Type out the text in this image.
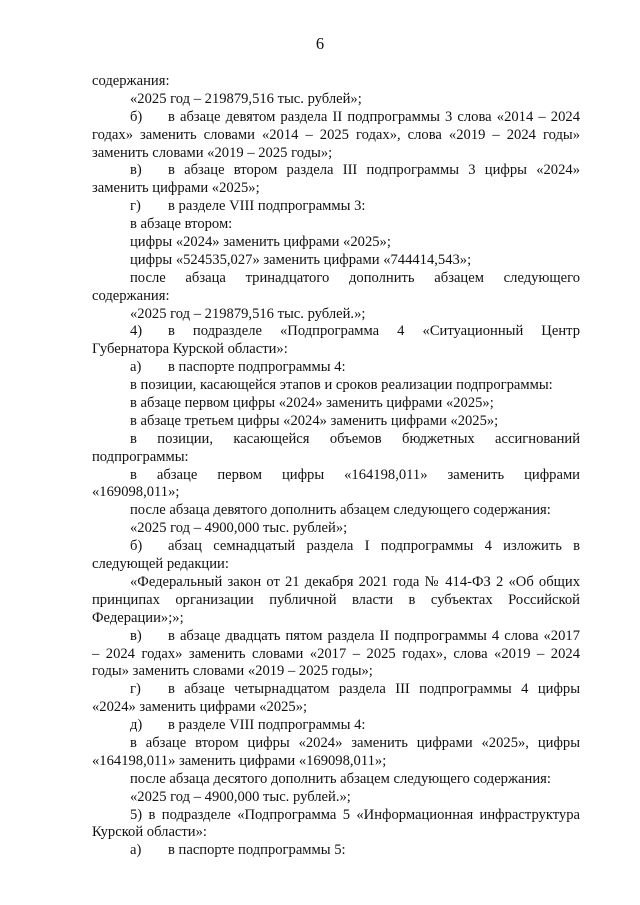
6
содержания:
«2025 год – 219879,516 тыс. рублей»;
б) в абзаце девятом раздела II подпрограммы 3 слова «2014 – 2024
годах» заменить словами «2014 – 2025 годах», слова «2019 – 2024 годы»
заменить словами «2019 – 2025 годы»;
в) в абзаце втором раздела III подпрограммы 3 цифры «2024»
заменить цифрами «2025»;
г) в разделе VIII подпрограммы 3:
в абзаце втором:
цифры «2024» заменить цифрами «2025»;
цифры «524535,027» заменить цифрами «744414,543»;
после абзаца тринадцатого дополнить абзацем следующего
содержания:
«2025 год – 219879,516 тыс. рублей.»;
4) в подразделе «Подпрограмма 4 «Ситуационный Центр
Губернатора Курской области»:
а) в паспорте подпрограммы 4:
в позиции, касающейся этапов и сроков реализации подпрограммы:
в абзаце первом цифры «2024» заменить цифрами «2025»;
в абзаце третьем цифры «2024» заменить цифрами «2025»;
в позиции, касающейся объемов бюджетных ассигнований
подпрограммы:
в абзаце первом цифры «164198,011» заменить цифрами
«169098,011»;
после абзаца девятого дополнить абзацем следующего содержания:
«2025 год – 4900,000 тыс. рублей»;
б) абзац семнадцатый раздела I подпрограммы 4 изложить в
следующей редакции:
«Федеральный закон от 21 декабря 2021 года № 414-ФЗ 2 «Об общих
принципах организации публичной власти в субъектах Российской
Федерации»;»;
в) в абзаце двадцать пятом раздела II подпрограммы 4 слова «2017
– 2024 годах» заменить словами «2017 – 2025 годах», слова «2019 – 2024
годы» заменить словами «2019 – 2025 годы»;
г) в абзаце четырнадцатом раздела III подпрограммы 4 цифры
«2024» заменить цифрами «2025»;
д) в разделе VIII подпрограммы 4:
в абзаце втором цифры «2024» заменить цифрами «2025», цифры
«164198,011» заменить цифрами «169098,011»;
после абзаца десятого дополнить абзацем следующего содержания:
«2025 год – 4900,000 тыс. рублей.»;
5) в подразделе «Подпрограмма 5 «Информационная инфраструктура
Курской области»:
а) в паспорте подпрограммы 5:
